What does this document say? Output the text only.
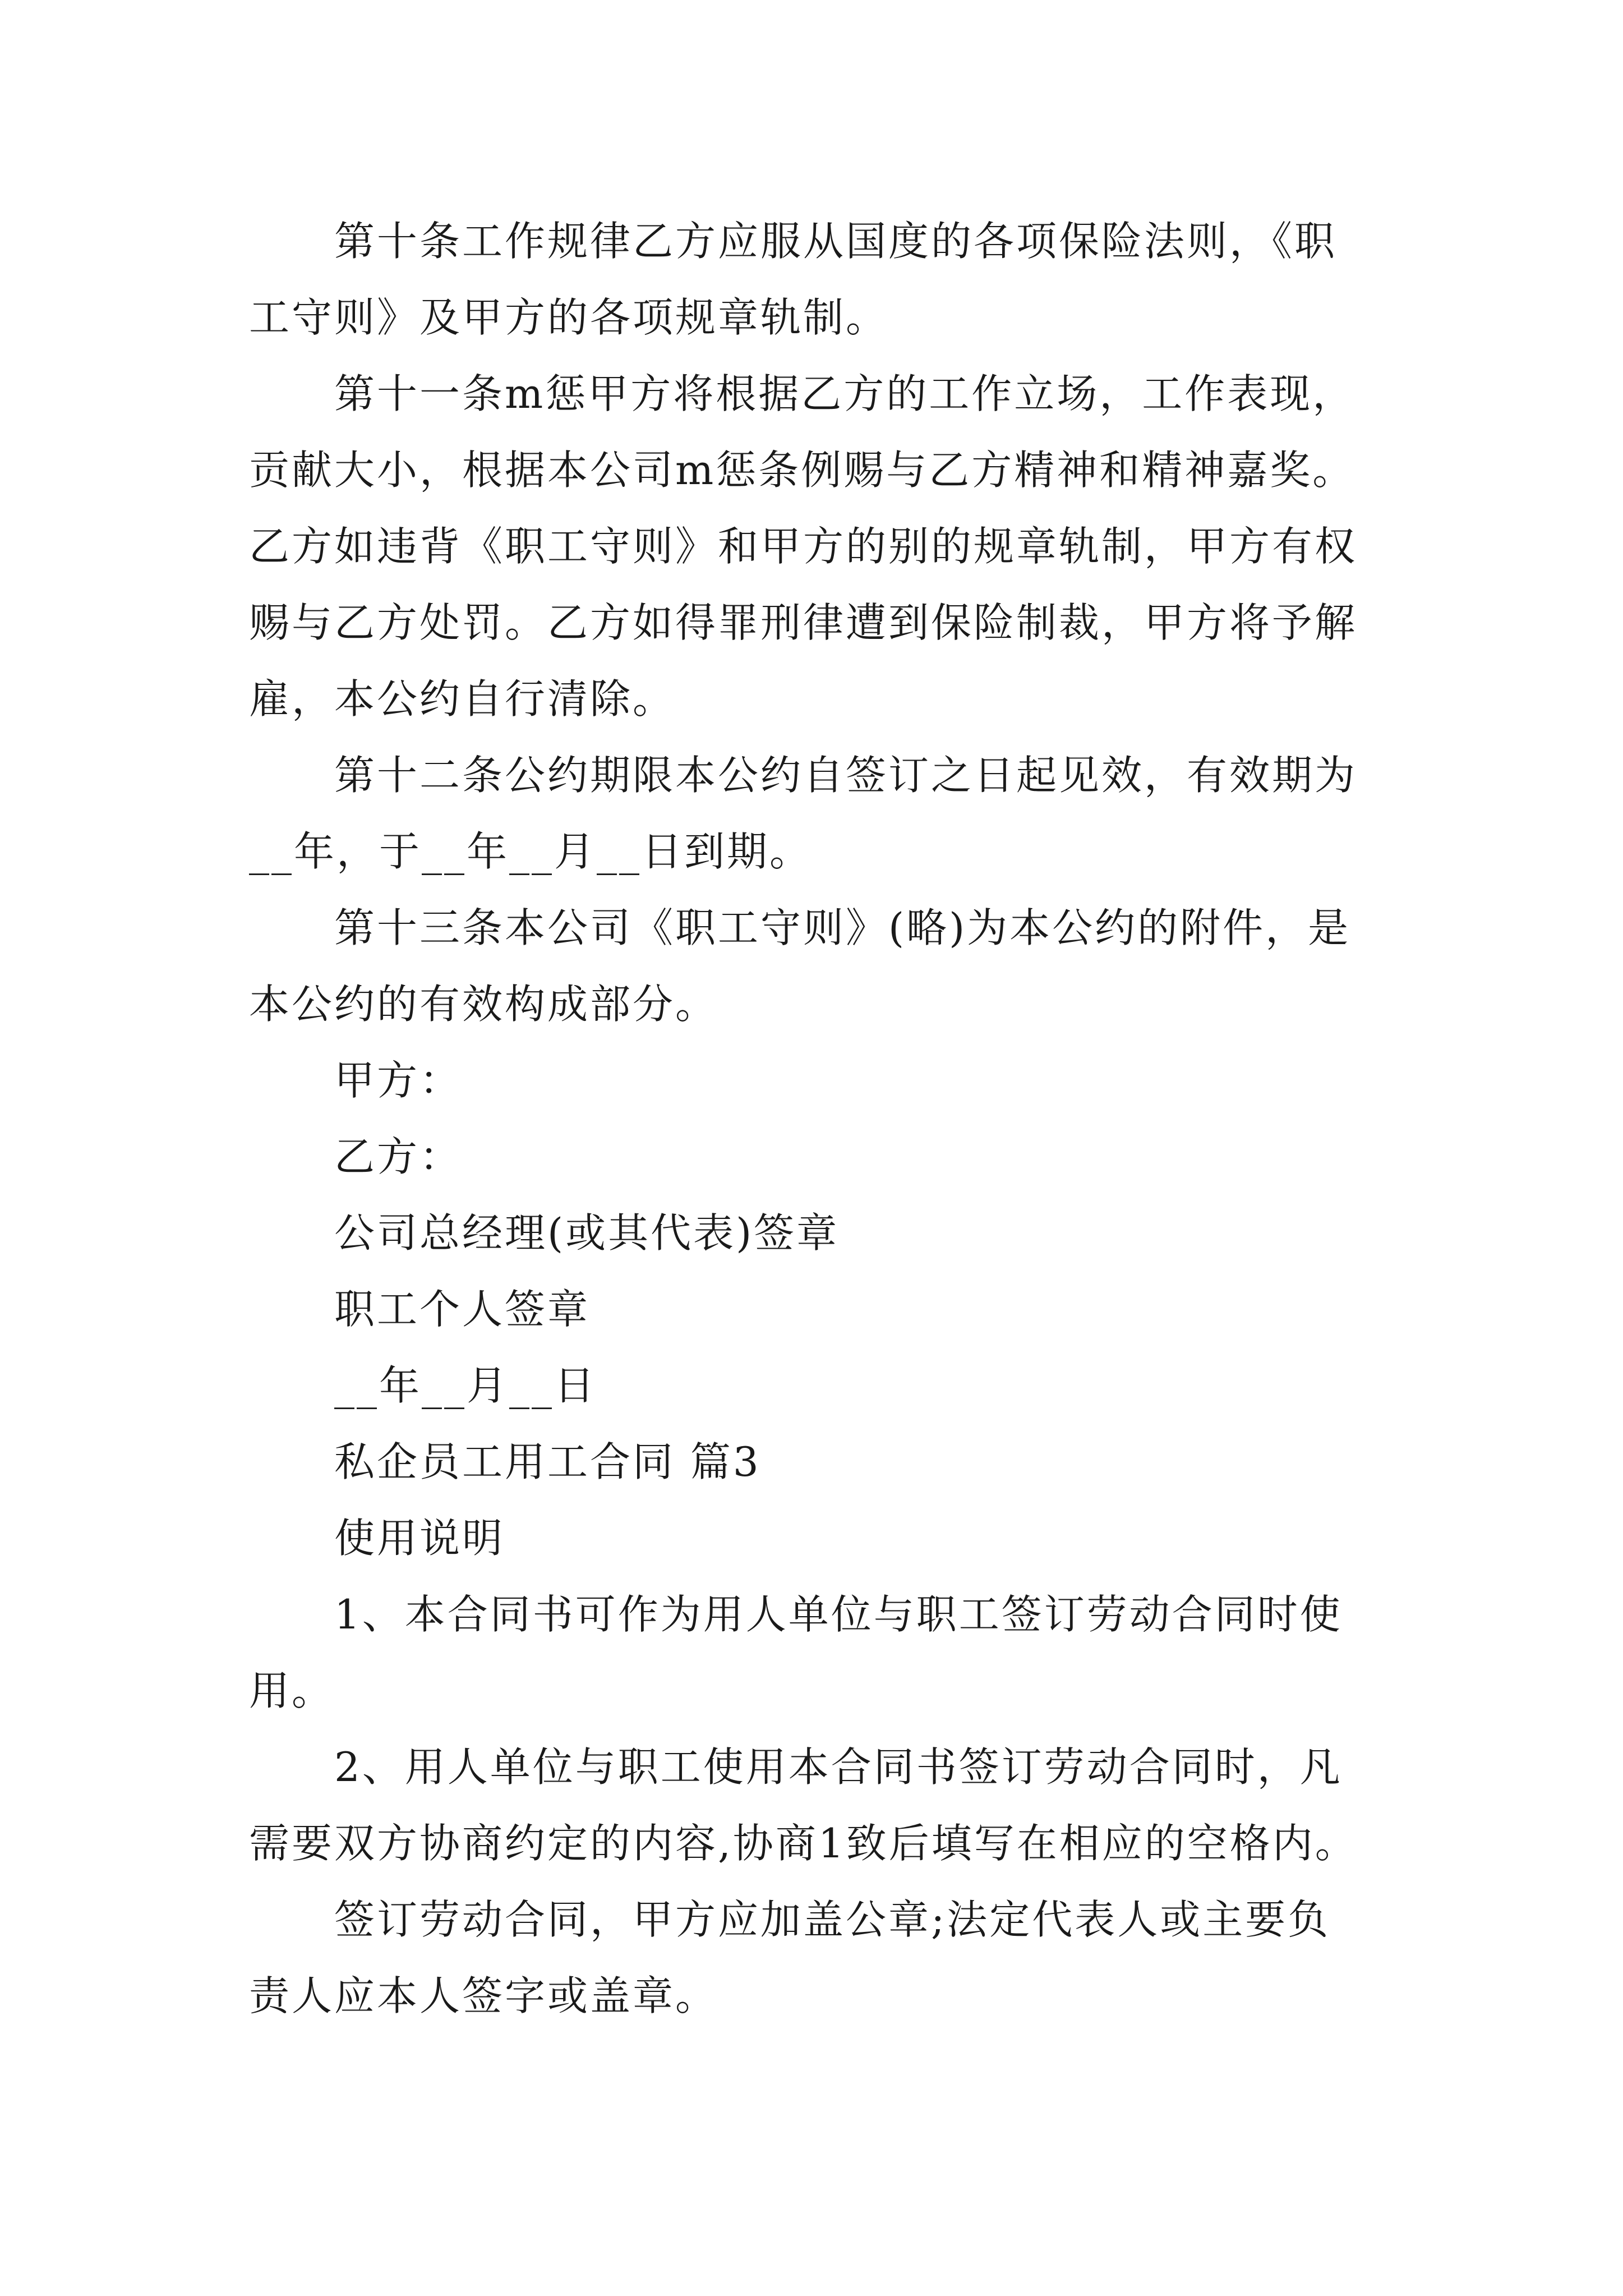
第十条工作规律乙方应服从国度的各项保险法则，《职
工守则》及甲方的各项规章轨制。

第十一条m惩甲方将根据乙方的工作立场，工作表现，
贡献大小，根据本公司m惩条例赐与乙方精神和精神嘉奖。
乙方如违背《职工守则》和甲方的别的规章轨制，甲方有权
赐与乙方处罚。乙方如得罪刑律遭到保险制裁，甲方将予解
雇，本公约自行清除。

第十二条公约期限本公约自签订之日起见效，有效期为
__年，于__年__月__日到期。

第十三条本公司《职工守则》(略)为本公约的附件，是
本公约的有效构成部分。

甲方：

乙方：

公司总经理(或其代表)签章

职工个人签章

__年__月__日

私企员工用工合同 篇3

使用说明

1、本合同书可作为用人单位与职工签订劳动合同时使
用。

2、用人单位与职工使用本合同书签订劳动合同时，凡
需要双方协商约定的内容,协商1致后填写在相应的空格内。

签订劳动合同，甲方应加盖公章;法定代表人或主要负
责人应本人签字或盖章。
